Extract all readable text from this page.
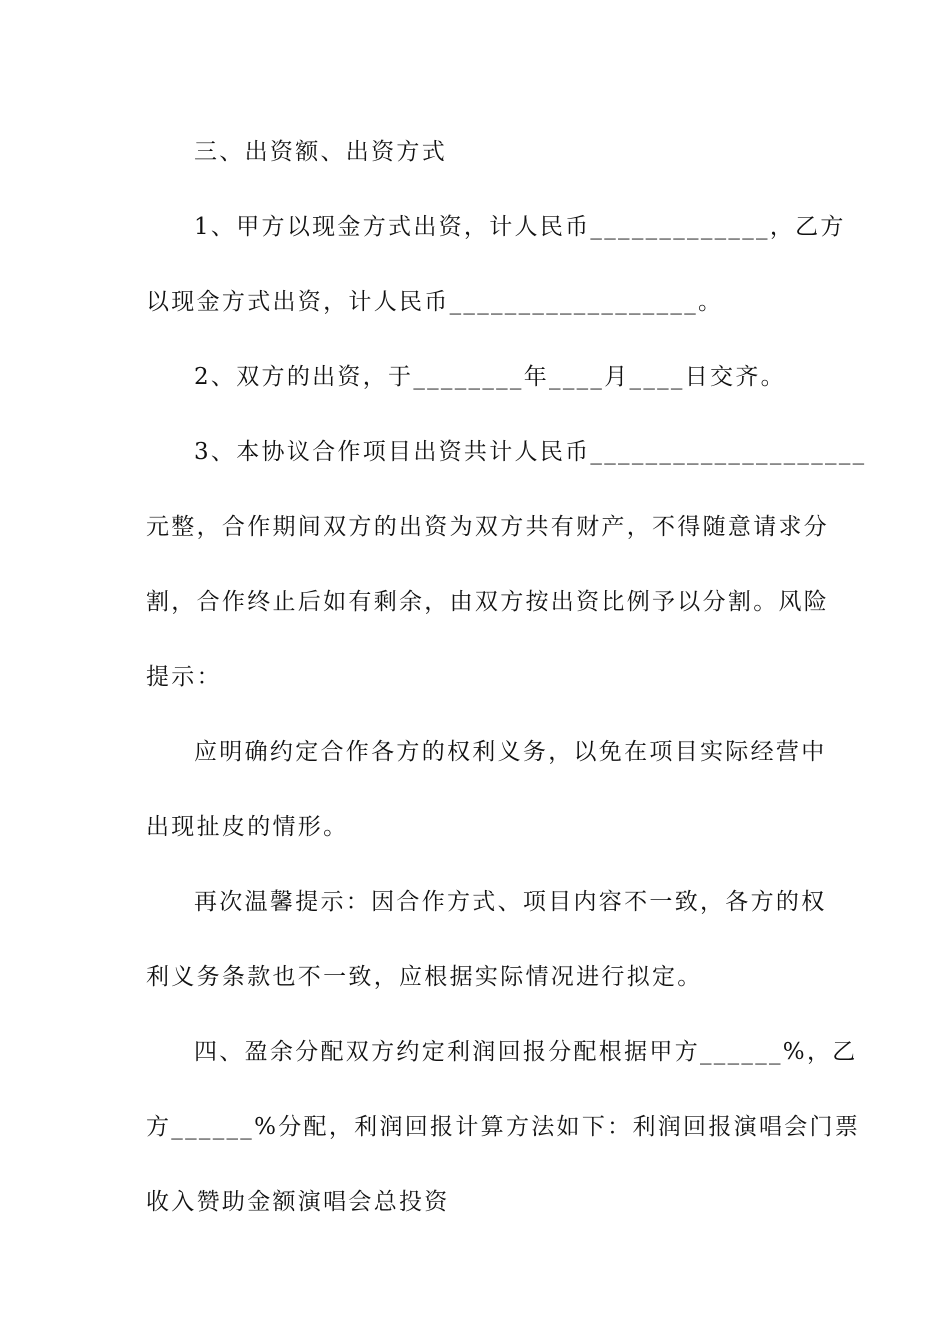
三、出资额、出资方式

1、甲方以现金方式出资，计人民币_____________，乙方
以现金方式出资，计人民币__________________。

2、双方的出资，于________年____月____日交齐。

3、本协议合作项目出资共计人民币____________________
元整，合作期间双方的出资为双方共有财产，不得随意请求分
割，合作终止后如有剩余，由双方按出资比例予以分割。风险
提示：

应明确约定合作各方的权利义务，以免在项目实际经营中
出现扯皮的情形。

再次温馨提示：因合作方式、项目内容不一致，各方的权
利义务条款也不一致，应根据实际情况进行拟定。

四、盈余分配双方约定利润回报分配根据甲方______%，乙
方______%分配，利润回报计算方法如下：利润回报演唱会门票
收入赞助金额演唱会总投资
